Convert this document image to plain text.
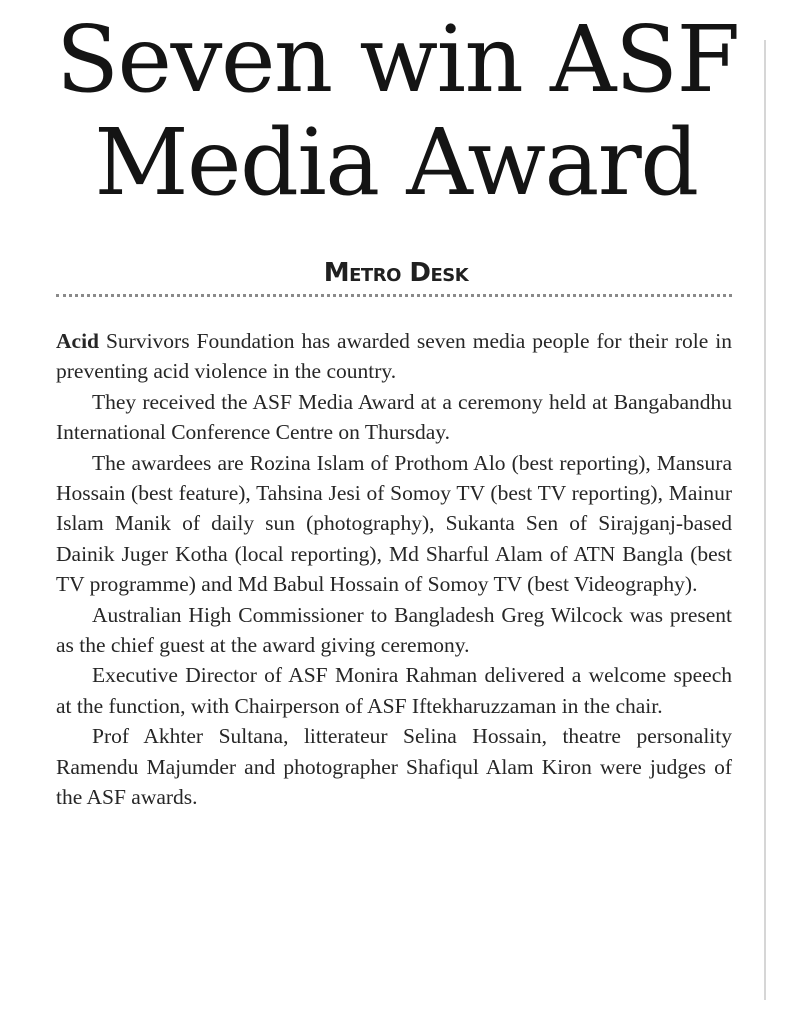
Seven win ASF
Media Award
Metro Desk

Acid Survivors Foundation has awarded seven media people for their role in preventing acid violence in the country.

They received the ASF Media Award at a ceremony held at Bangabandhu International Conference Centre on Thursday.

The awardees are Rozina Islam of Prothom Alo (best reporting), Mansura Hossain (best feature), Tahsina Jesi of Somoy TV (best TV reporting), Mainur Islam Manik of daily sun (photography), Sukanta Sen of Sirajganj-based Dainik Juger Kotha (local reporting), Md Sharful Alam of ATN Bangla (best TV programme) and Md Babul Hossain of Somoy TV (best Videography).

Australian High Commissioner to Bangladesh Greg Wilcock was present as the chief guest at the award giving ceremony.

Executive Director of ASF Monira Rahman delivered a welcome speech at the function, with Chairperson of ASF Iftekharuzzaman in the chair.

Prof Akhter Sultana, litterateur Selina Hossain, theatre personality Ramendu Majumder and photographer Shafiqul Alam Kiron were judges of the ASF awards.
